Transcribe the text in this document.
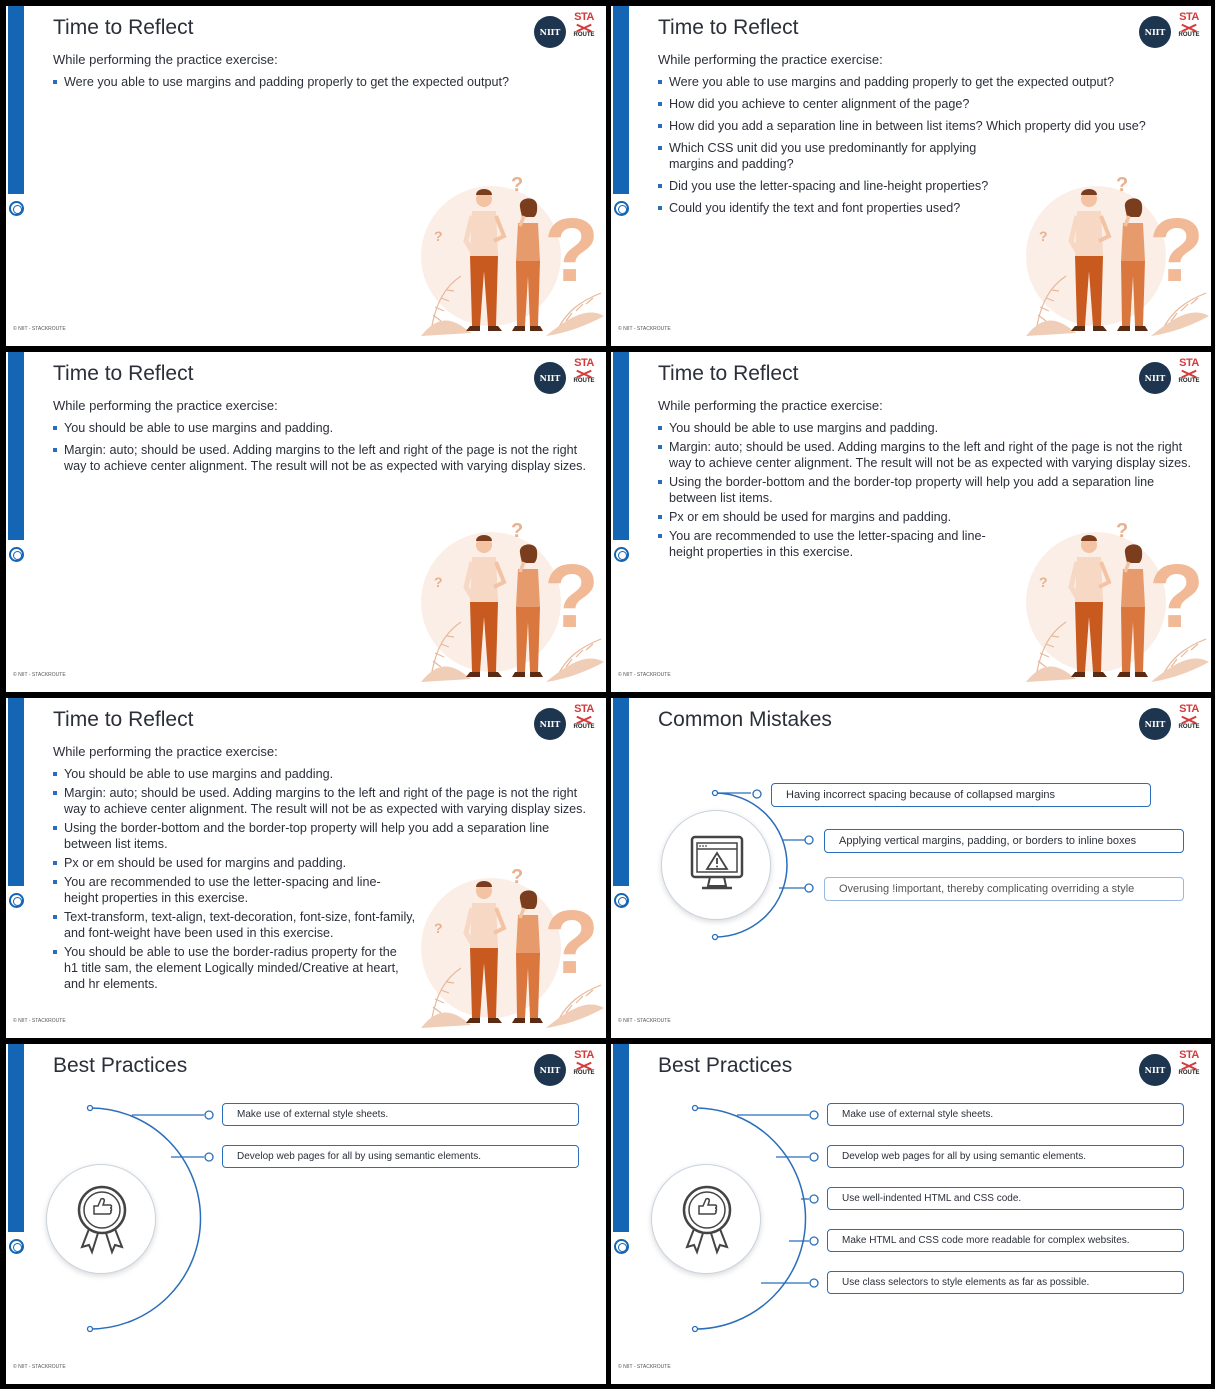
Time to Reflect	NIIT
STA
ROUTE
While performing the practice exercise:
Were you able to use margins and padding properly to get the expected output?
?
? ?
© NIIT - STACKROUTE
Time to Reflect	NIIT
STA
ROUTE
While performing the practice exercise:
Were you able to use margins and padding properly to get the expected output?
How did you achieve to center alignment of the page?
How did you add a separation line in between list items? Which property did you use?
Which CSS unit did you use predominantly for applying margins and padding?
Did you use the letter-spacing and line-height properties?
Could you identify the text and font properties used?
?
? ?
© NIIT - STACKROUTE
Time to Reflect	NIIT
STA
ROUTE
While performing the practice exercise:
You should be able to use margins and padding.
Margin: auto; should be used. Adding margins to the left and right of the page is not the right way to achieve center alignment. The result will not be as expected with varying display sizes.
?
? ?
© NIIT - STACKROUTE
Time to Reflect	NIIT
STA
ROUTE
While performing the practice exercise:
?
? ?
You should be able to use margins and padding.
Margin: auto; should be used. Adding margins to the left and right of the page is not the right way to achieve center alignment. The result will not be as expected with varying display sizes.
Using the border-bottom and the border-top property will help you add a separation line between list items.
Px or em should be used for margins and padding.
You are recommended to use the letter-spacing and line-height properties in this exercise.
© NIIT - STACKROUTE
Time to Reflect	NIIT
STA
ROUTE
While performing the practice exercise:
?
? ?
You should be able to use margins and padding.
Margin: auto; should be used. Adding margins to the left and right of the page is not the right way to achieve center alignment. The result will not be as expected with varying display sizes.
Using the border-bottom and the border-top property will help you add a separation line between list items.
Px or em should be used for margins and padding.
You are recommended to use the letter-spacing and line-height properties in this exercise.
Text-transform, text-align, text-decoration, font-size, font-family, and font-weight have been used in this exercise.
You should be able to use the border-radius property for the h1 title sam, the element Logically minded/Creative at heart, and hr elements.
© NIIT - STACKROUTE
Common Mistakes	NIIT
STA
ROUTE
Having incorrect spacing because of collapsed margins
Applying vertical margins, padding, or borders to inline boxes
Overusing !important, thereby complicating overriding a style
© NIIT - STACKROUTE
Best Practices	NIIT
STA
ROUTE
Make use of external style sheets.
Develop web pages for all by using semantic elements.
© NIIT - STACKROUTE
Best Practices	NIIT
STA
ROUTE
Make use of external style sheets.
Develop web pages for all by using semantic elements.
Use well-indented HTML and CSS code.
Make HTML and CSS code more readable for complex websites.
Use class selectors to style elements as far as possible.
© NIIT - STACKROUTE
